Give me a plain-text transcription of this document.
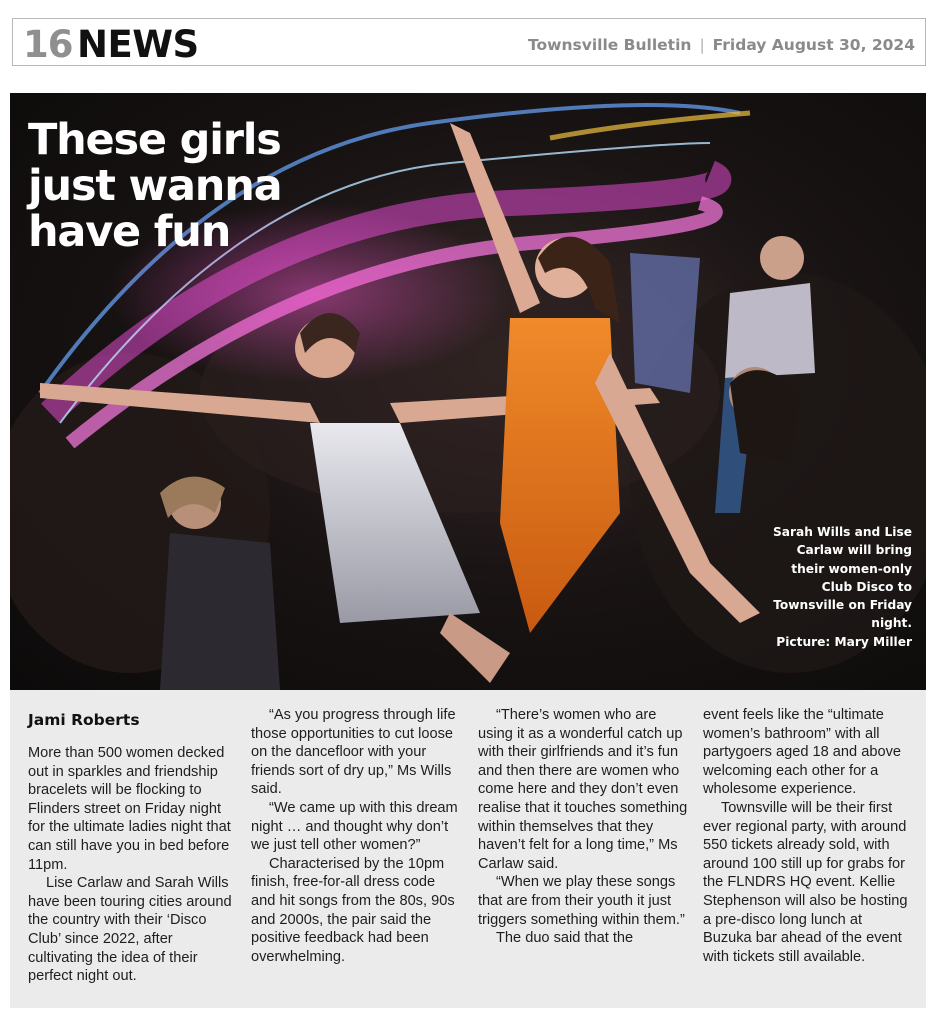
16 NEWS	Townsville Bulletin | Friday August 30, 2024
These girls
just wanna
have fun
Sarah Wills and Lise
Carlaw will bring
their women-only
Club Disco to
Townsville on Friday
night.
Picture: Mary Miller
Jami Roberts

More than 500 women decked out in sparkles and friendship bracelets will be flocking to Flinders street on Friday night for the ultimate ladies night that can still have you in bed before 11pm.

Lise Carlaw and Sarah Wills have been touring cities around the country with their ‘Disco Club’ since 2022, after cultivating the idea of their perfect night out.

“As you progress through life those opportunities to cut loose on the dancefloor with your friends sort of dry up,” Ms Wills said.

“We came up with this dream night … and thought why don’t we just tell other women?”

Characterised by the 10pm finish, free-for-all dress code and hit songs from the 80s, 90s and 2000s, the pair said the positive feedback had been overwhelming.

“There’s women who are using it as a wonderful catch up with their girlfriends and it’s fun and then there are women who come here and they don’t even realise that it touches something within themselves that they haven’t felt for a long time,” Ms Carlaw said.

“When we play these songs that are from their youth it just triggers something within them.”

The duo said that the

event feels like the “ultimate women’s bathroom” with all partygoers aged 18 and above welcoming each other for a wholesome experience.

Townsville will be their first ever regional party, with around 550 tickets already sold, with around 100 still up for grabs for the FLNDRS HQ event. Kellie Stephenson will also be hosting a pre-disco long lunch at Buzuka bar ahead of the event with tickets still available.
